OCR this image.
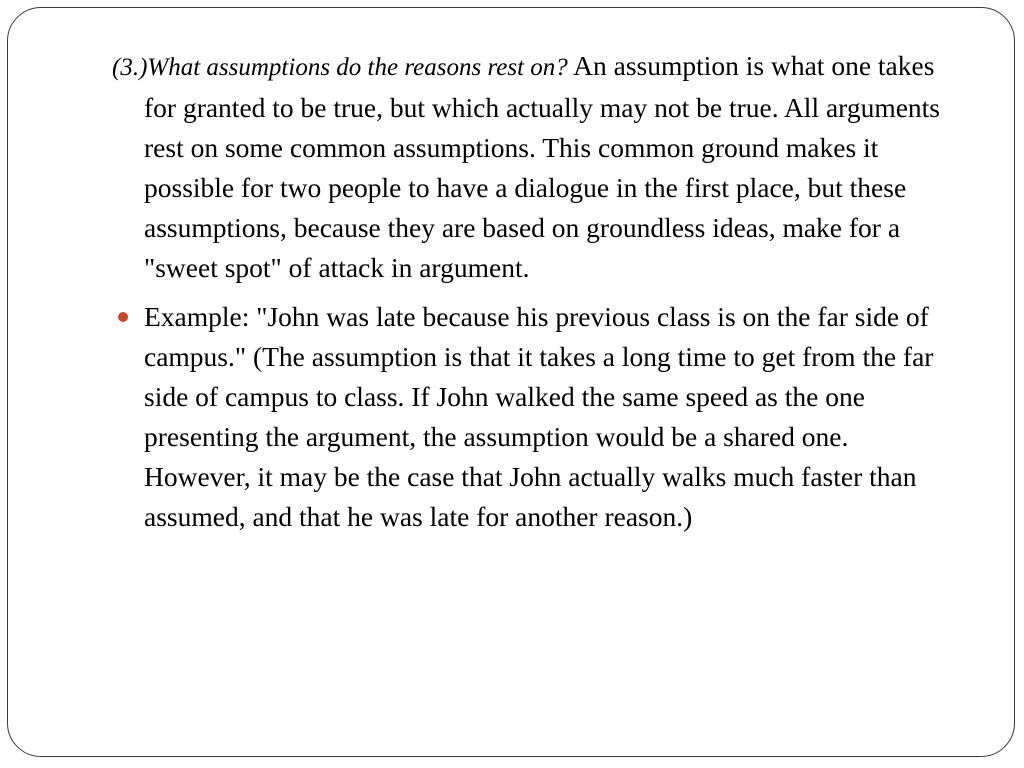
(3.)What assumptions do the reasons rest on? An assumption is what one takes for granted to be true, but which actually may not be true. All arguments rest on some common assumptions. This common ground makes it possible for two people to have a dialogue in the first place, but these assumptions, because they are based on groundless ideas, make for a "sweet spot" of attack in argument.

Example: "John was late because his previous class is on the far side of campus." (The assumption is that it takes a long time to get from the far side of campus to class. If John walked the same speed as the one presenting the argument, the assumption would be a shared one. However, it may be the case that John actually walks much faster than assumed, and that he was late for another reason.)
